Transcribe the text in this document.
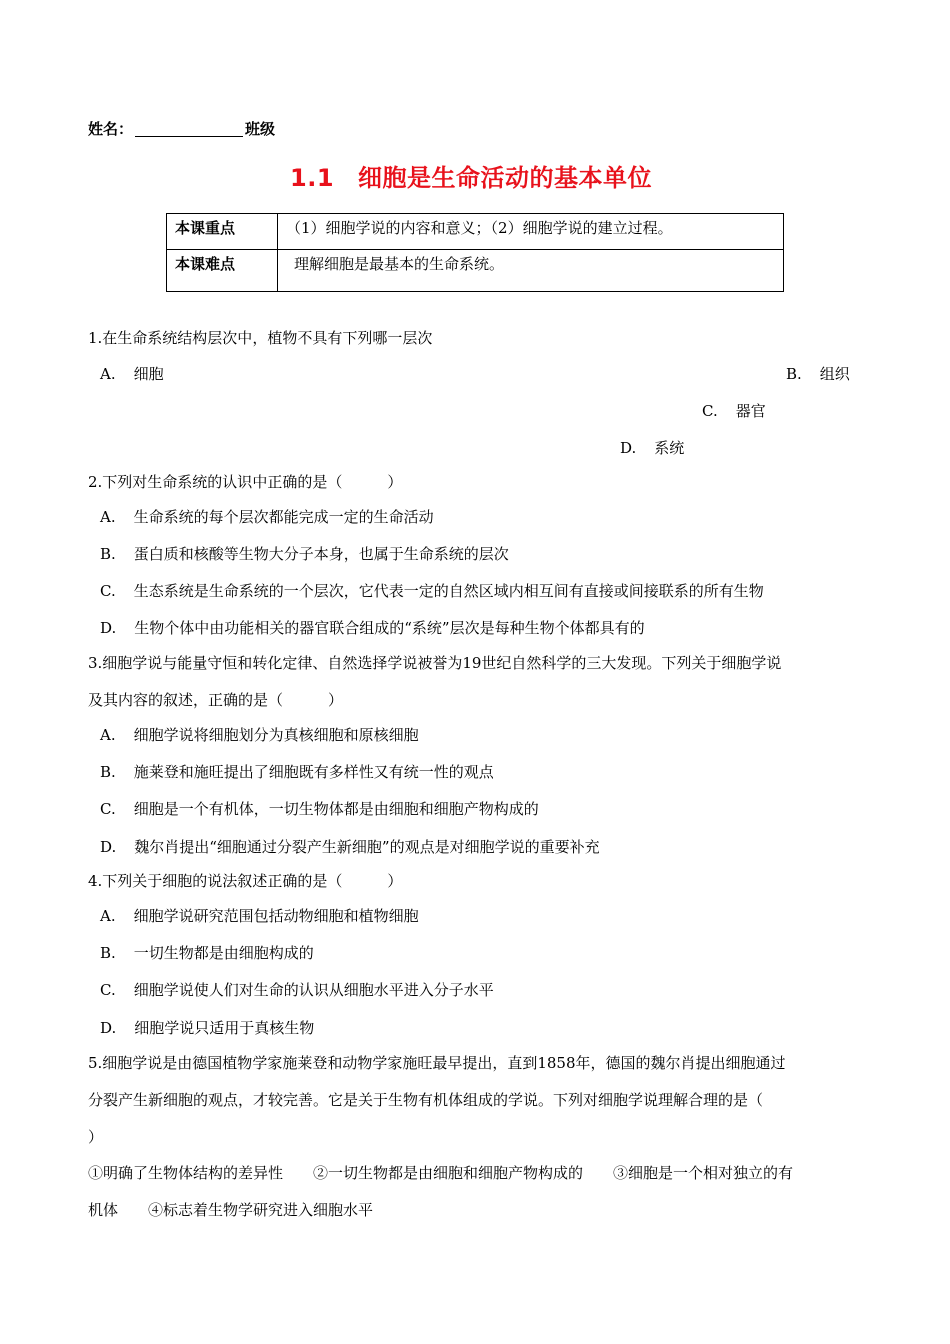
姓名：	班级
1.1 细胞是生命活动的基本单位
本课重点	（1）细胞学说的内容和意义；（2）细胞学说的建立过程。
本课难点	理解细胞是最基本的生命系统。
1.在生命系统结构层次中，植物不具有下列哪一层次
A. 细胞	B. 组织
C. 器官
D. 系统
2.下列对生命系统的认识中正确的是（　　　）
A. 生命系统的每个层次都能完成一定的生命活动
B. 蛋白质和核酸等生物大分子本身，也属于生命系统的层次
C. 生态系统是生命系统的一个层次，它代表一定的自然区域内相互间有直接或间接联系的所有生物
D. 生物个体中由功能相关的器官联合组成的“系统”层次是每种生物个体都具有的
3.细胞学说与能量守恒和转化定律、自然选择学说被誉为19世纪自然科学的三大发现。下列关于细胞学说
及其内容的叙述，正确的是（　　　）
A. 细胞学说将细胞划分为真核细胞和原核细胞
B. 施莱登和施旺提出了细胞既有多样性又有统一性的观点
C. 细胞是一个有机体，一切生物体都是由细胞和细胞产物构成的
D. 魏尔肖提出“细胞通过分裂产生新细胞”的观点是对细胞学说的重要补充
4.下列关于细胞的说法叙述正确的是（　　　）
A. 细胞学说研究范围包括动物细胞和植物细胞
B. 一切生物都是由细胞构成的
C. 细胞学说使人们对生命的认识从细胞水平进入分子水平
D. 细胞学说只适用于真核生物
5.细胞学说是由德国植物学家施莱登和动物学家施旺最早提出，直到1858年，德国的魏尔肖提出细胞通过
分裂产生新细胞的观点，才较完善。它是关于生物有机体组成的学说。下列对细胞学说理解合理的是（
）
①明确了生物体结构的差异性　　②一切生物都是由细胞和细胞产物构成的　　③细胞是一个相对独立的有
机体　　④标志着生物学研究进入细胞水平
